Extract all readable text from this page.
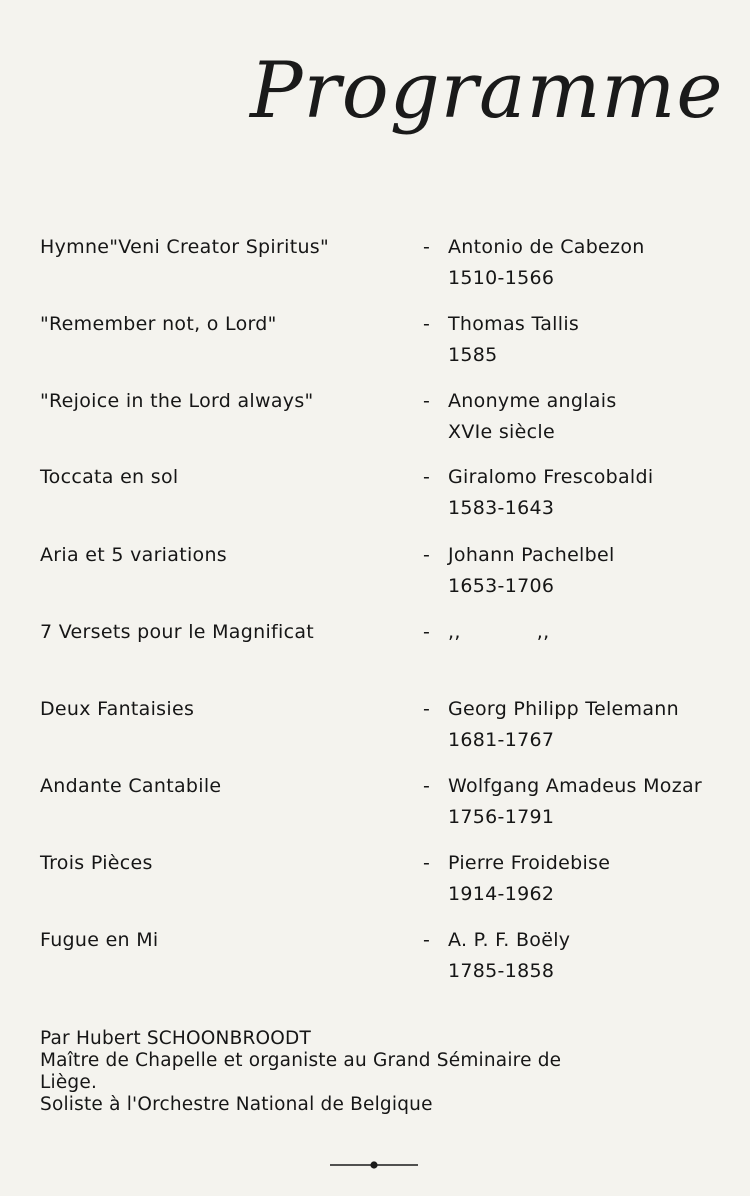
Programme
Hymne"Veni Creator Spiritus"	- Antonio de Cabezon
1510-1566
"Remember not, o Lord"	- Thomas Tallis
1585
"Rejoice in the Lord always"	- Anonyme anglais
XVIe siècle
Toccata en sol	- Giralomo Frescobaldi
1583-1643
Aria et 5 variations	- Johann Pachelbel
1653-1706
7 Versets pour le Magnificat	- ,,            ,,
Deux Fantaisies	- Georg Philipp Telemann
1681-1767
Andante Cantabile	- Wolfgang Amadeus Mozar
1756-1791
Trois Pièces	- Pierre Froidebise
1914-1962
Fugue en Mi	- A. P. F. Boëly
1785-1858
Par Hubert SCHOONBROODT
Maître de Chapelle et organiste au Grand Séminaire de
Liège.
Soliste à l'Orchestre National de Belgique
